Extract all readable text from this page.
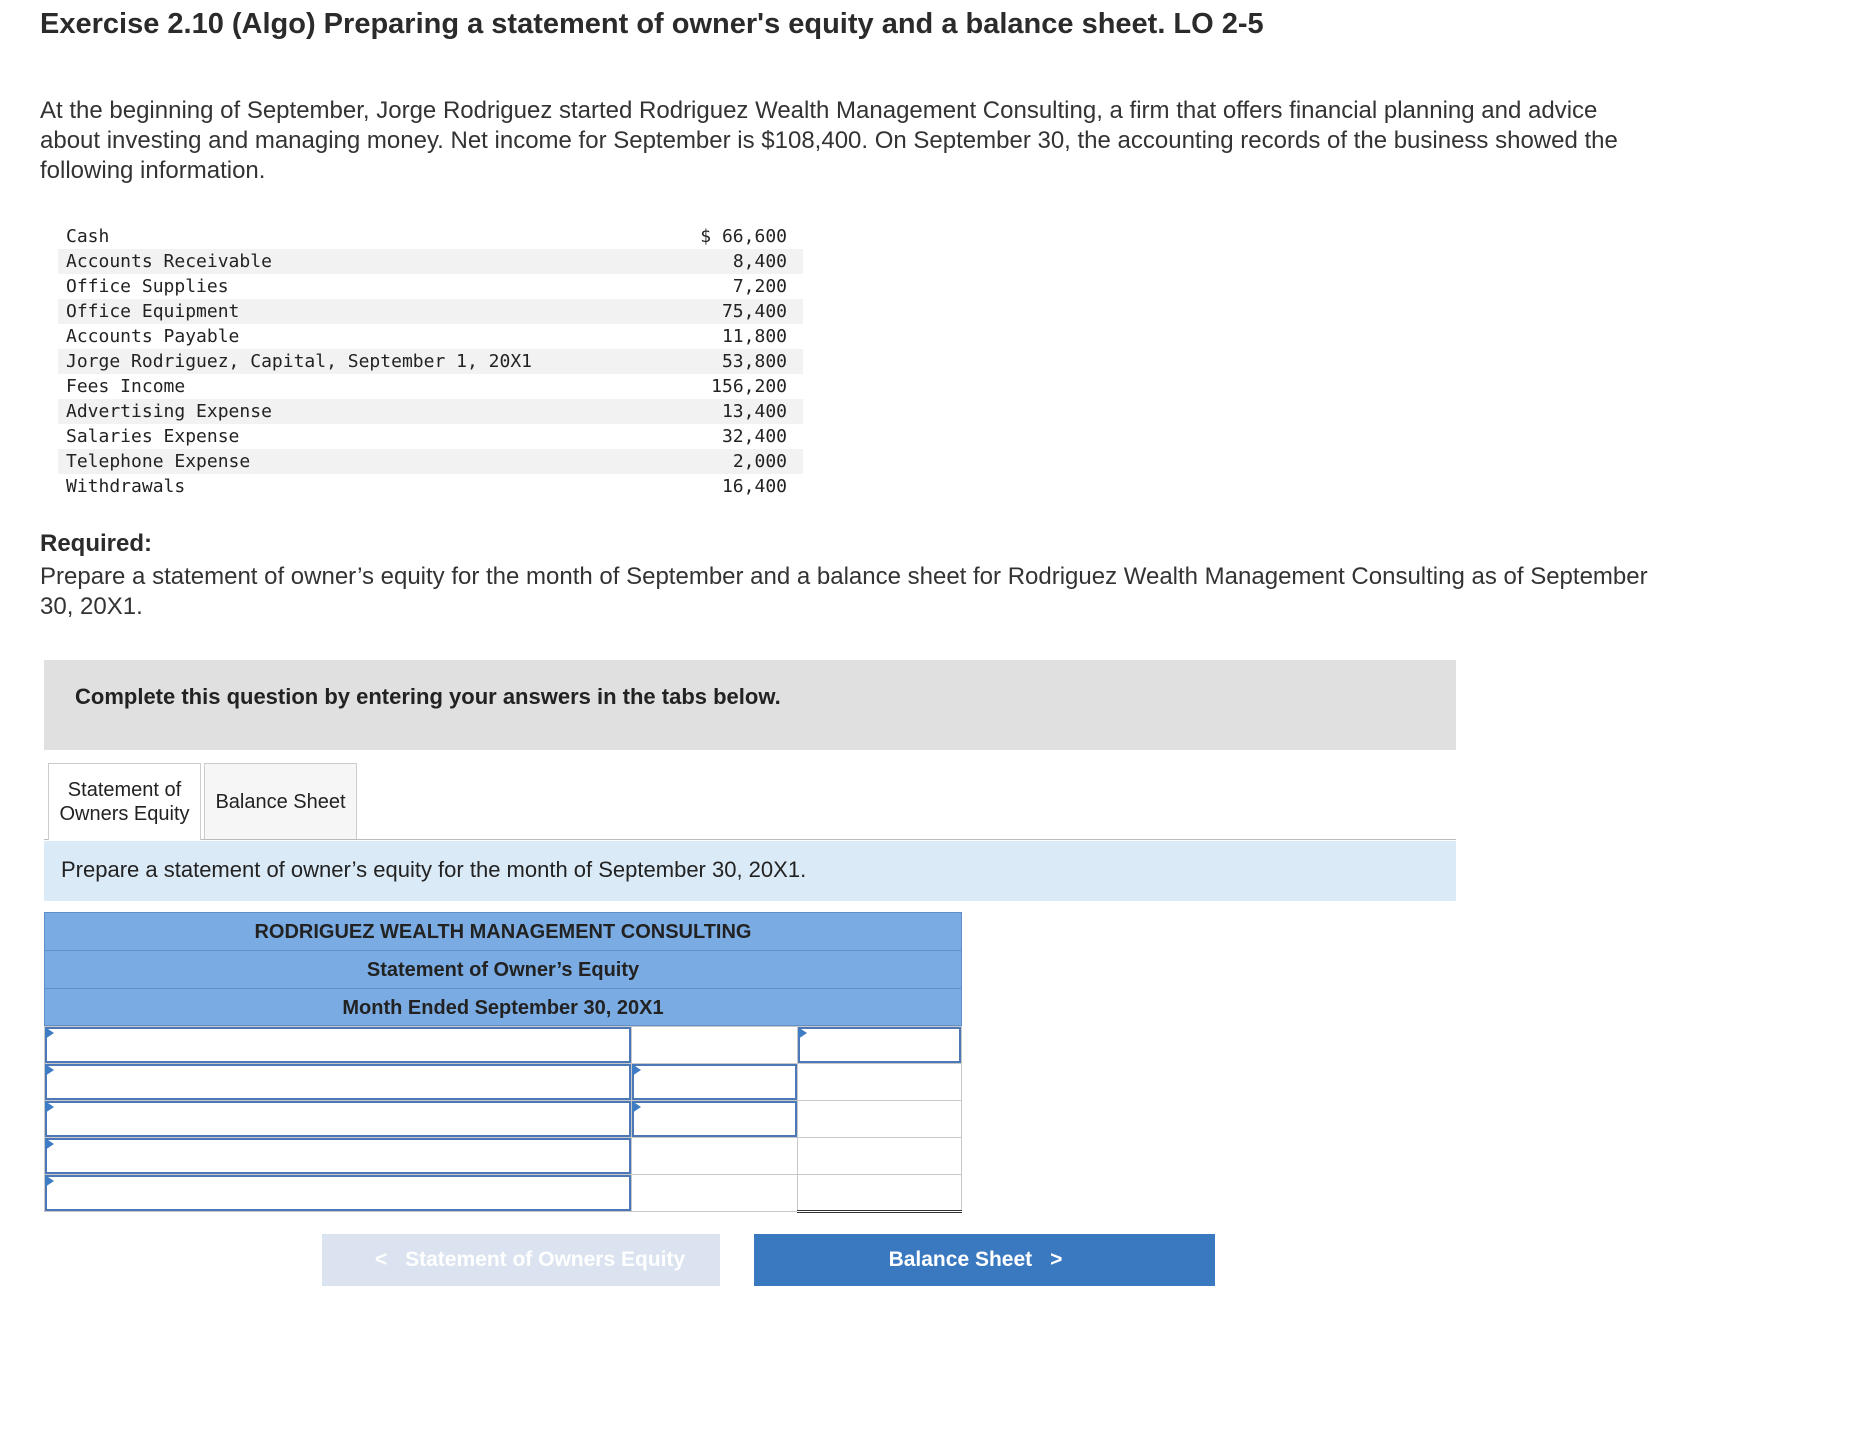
Exercise 2.10 (Algo) Preparing a statement of owner's equity and a balance sheet. LO 2-5
At the beginning of September, Jorge Rodriguez started Rodriguez Wealth Management Consulting, a firm that offers financial planning and advice about investing and managing money. Net income for September is $108,400. On September 30, the accounting records of the business showed the following information.
Cash	$ 66,600
Accounts Receivable	8,400
Office Supplies	7,200
Office Equipment	75,400
Accounts Payable	11,800
Jorge Rodriguez, Capital, September 1, 20X1	53,800
Fees Income	156,200
Advertising Expense	13,400
Salaries Expense	32,400
Telephone Expense	2,000
Withdrawals	16,400
Required:
Prepare a statement of owner’s equity for the month of September and a balance sheet for Rodriguez Wealth Management Consulting as of September 30, 20X1.
Complete this question by entering your answers in the tabs below.
Statement of
Owners Equity
Balance Sheet
Prepare a statement of owner’s equity for the month of September 30, 20X1.
RODRIGUEZ WEALTH MANAGEMENT CONSULTING
Statement of Owner’s Equity
Month Ended September 30, 20X1

< Statement of Owners Equity	Balance Sheet >
